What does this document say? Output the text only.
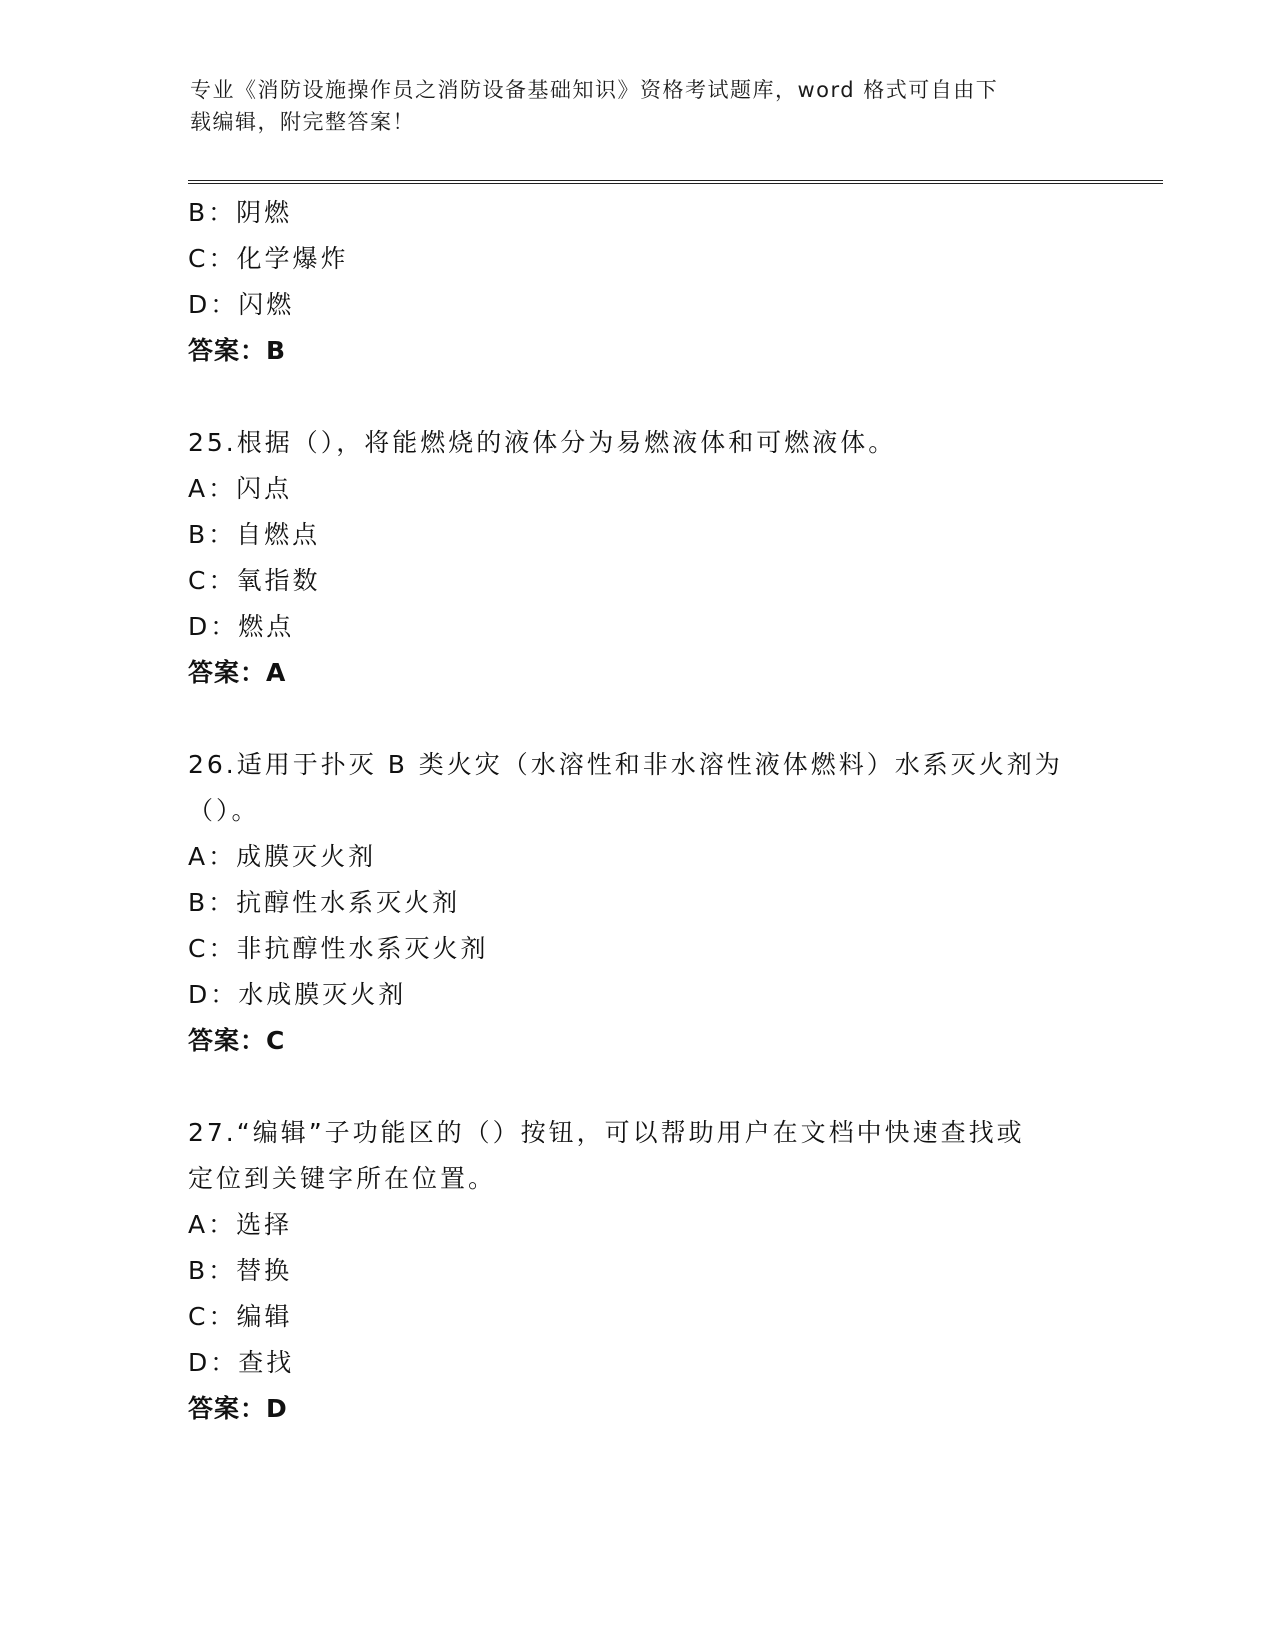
专业《消防设施操作员之消防设备基础知识》资格考试题库，word 格式可自由下
载编辑，附完整答案！
B：阴燃
C：化学爆炸
D：闪燃
答案：B
25.根据（），将能燃烧的液体分为易燃液体和可燃液体。
A：闪点
B：自燃点
C：氧指数
D：燃点
答案：A
26.适用于扑灭 B 类火灾（水溶性和非水溶性液体燃料）水系灭火剂为
（）。
A：成膜灭火剂
B：抗醇性水系灭火剂
C：非抗醇性水系灭火剂
D：水成膜灭火剂
答案：C
27.“编辑”子功能区的（）按钮，可以帮助用户在文档中快速查找或
定位到关键字所在位置。
A：选择
B：替换
C：编辑
D：查找
答案：D
